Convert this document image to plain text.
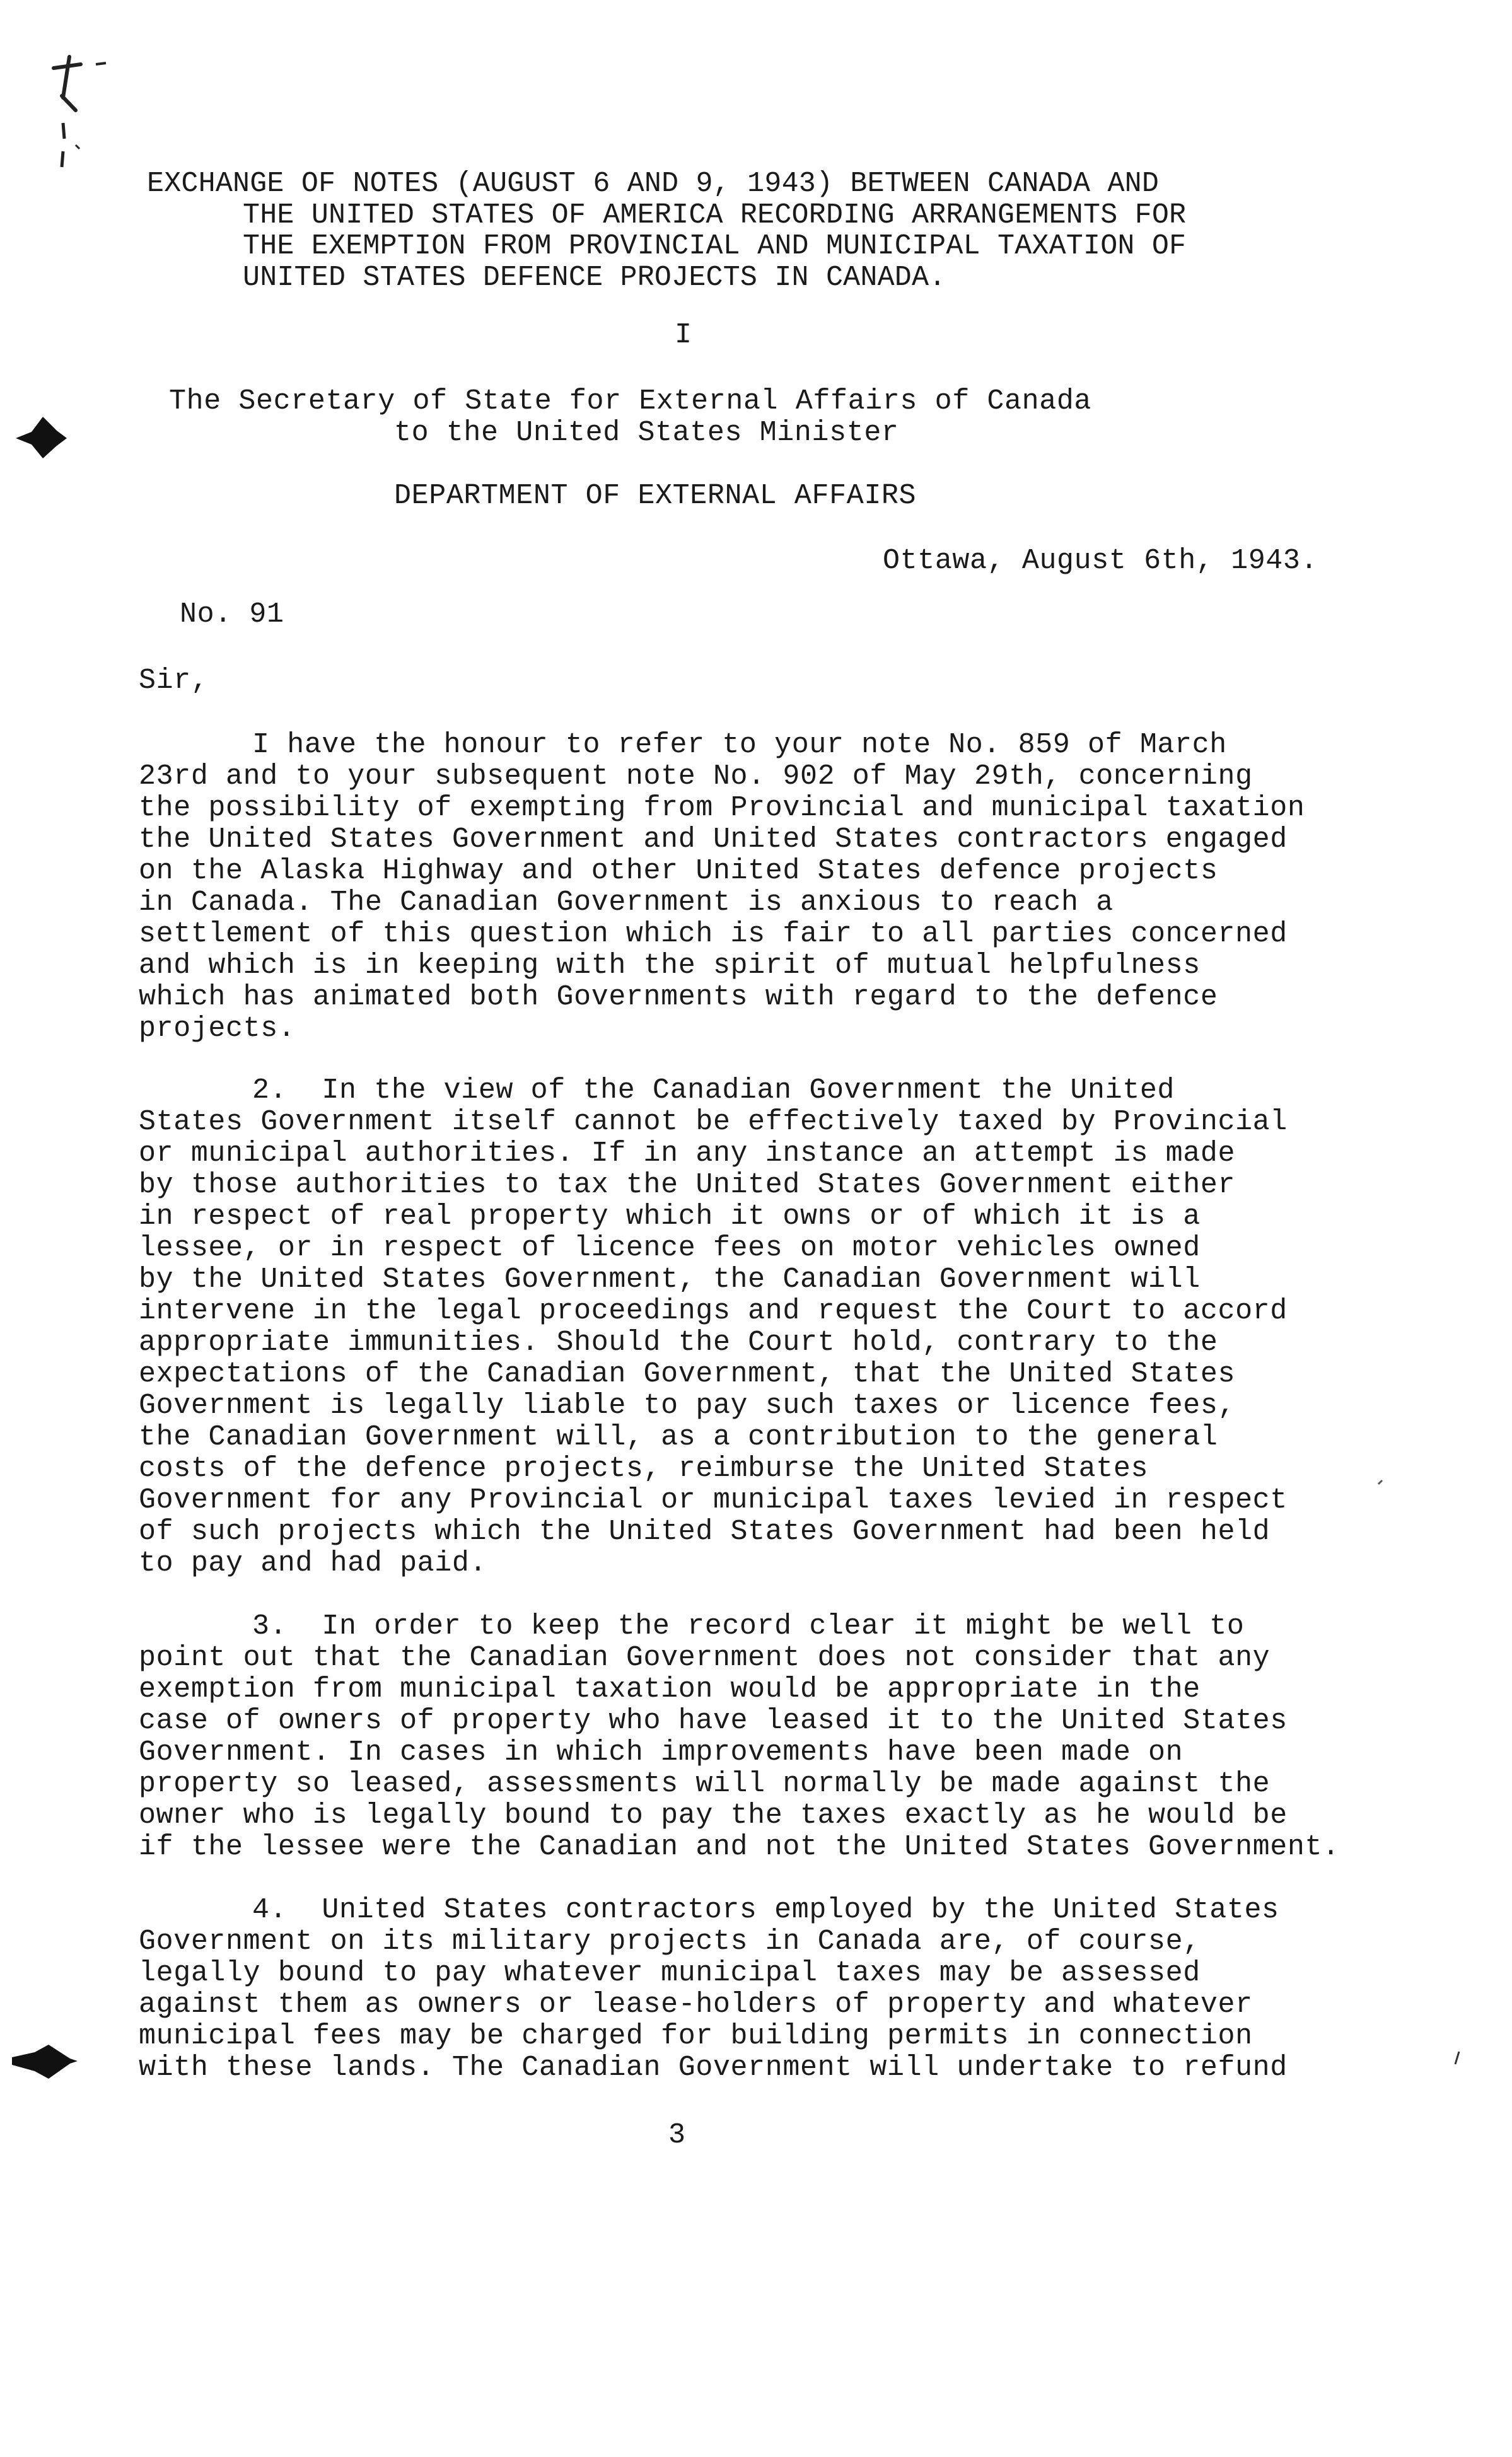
EXCHANGE OF NOTES (AUGUST 6 AND 9, 1943) BETWEEN CANADA AND
THE UNITED STATES OF AMERICA RECORDING ARRANGEMENTS FOR
THE EXEMPTION FROM PROVINCIAL AND MUNICIPAL TAXATION OF
UNITED STATES DEFENCE PROJECTS IN CANADA.
I
The Secretary of State for External Affairs of Canada
to the United States Minister
DEPARTMENT OF EXTERNAL AFFAIRS
Ottawa, August 6th, 1943.
No. 91
Sir,
I have the honour to refer to your note No. 859 of March
23rd and to your subsequent note No. 902 of May 29th, concerning
the possibility of exempting from Provincial and municipal taxation
the United States Government and United States contractors engaged
on the Alaska Highway and other United States defence projects
in Canada. The Canadian Government is anxious to reach a
settlement of this question which is fair to all parties concerned
and which is in keeping with the spirit of mutual helpfulness
which has animated both Governments with regard to the defence
projects.
2.  In the view of the Canadian Government the United
States Government itself cannot be effectively taxed by Provincial
or municipal authorities. If in any instance an attempt is made
by those authorities to tax the United States Government either
in respect of real property which it owns or of which it is a
lessee, or in respect of licence fees on motor vehicles owned
by the United States Government, the Canadian Government will
intervene in the legal proceedings and request the Court to accord
appropriate immunities. Should the Court hold, contrary to the
expectations of the Canadian Government, that the United States
Government is legally liable to pay such taxes or licence fees,
the Canadian Government will, as a contribution to the general
costs of the defence projects, reimburse the United States
Government for any Provincial or municipal taxes levied in respect
of such projects which the United States Government had been held
to pay and had paid.
3.  In order to keep the record clear it might be well to
point out that the Canadian Government does not consider that any
exemption from municipal taxation would be appropriate in the
case of owners of property who have leased it to the United States
Government. In cases in which improvements have been made on
property so leased, assessments will normally be made against the
owner who is legally bound to pay the taxes exactly as he would be
if the lessee were the Canadian and not the United States Government.
4.  United States contractors employed by the United States
Government on its military projects in Canada are, of course,
legally bound to pay whatever municipal taxes may be assessed
against them as owners or lease-holders of property and whatever
municipal fees may be charged for building permits in connection
with these lands. The Canadian Government will undertake to refund
3
